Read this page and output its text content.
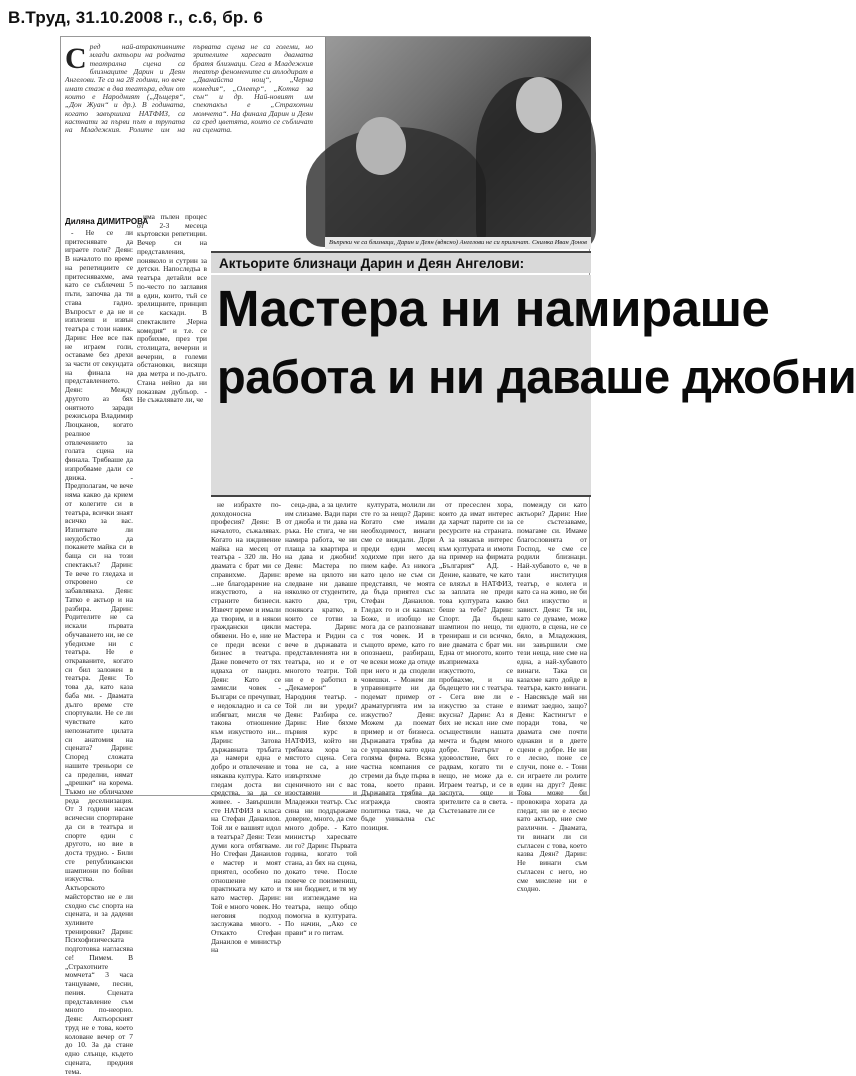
В.Труд, 31.10.2008 г., с.6, бр. 6
Сред най-атрактивните млади актьори на родната театрална сцена са близнаците Дарин и Деян Ангелови. Те са на 28 години, но вече имат стаж в два театъра, един от които е Народният („Дъщеря“, „Дон Жуан“ и др.). В годината, когато завършиха НАТФИЗ, са кастнати за първи път в трупата на Младежкия. Ролите им на първата сцена не са големи, но зрителите харесват двамата братя близнаци. Сега в Младежкия театър феномените си аплодират в „Дванайста нощ“, „Черна комедия“, „Олевър“, „Котка за сън“ и др. Най-новият им спектакъл е „Страхотни момчета“. На финала Дарин и Деян са сред цветята, които се събличат на сцената.
Въпреки че са близнаци, Дарин и Деян (вдясно) Ангелови не си приличат. Снимка Иван Донов
Диляна ДИМИТРОВА

- Не се ли притеснявате да играете голи? Деян: В началото по време на репетициите се притеснявахме, ама като се съблечеш 5 пъти, започва да ти става гадно. Въпросът е да не и изплезеш и извън театъра с този навик. Дарин: Нее все пак не играем голи, оставаме без дрехи за части от секундата на финала на представлението. Деян: Между другото аз бях онятното заради режисьора Владимир Люцканов, когато реалное отвлечението за голата сцена на финала. Трябваше да изпробваме дали се движа. - Предполагам, че вече няма какво да крием от колегите си в театъра, всички знаят всичко за вас. Изпитвате ли неудобство да покажете майка си в баща си на този спектакъл? Дарин: Те вече го гледаха и откровено се забавляваха. Деян: Татко е актьор и на разбира. Дарин: Родителите не са искали първата обучаването ни, не се убедихме ни с театъра. Не е откраваните, когато си бил заложен в театъра. Деян: То това да, като каза баба ми. - Двамата дълго време сте спортували. Не се ли чувствате като непознатите цилата си анатомия на сцената? Дарин: Според сложата нашите треньори се са пределни, нямат „дрешки“ на корема. Тъкмо не обличахме реда деселнизация. От 3 години насам всичесни спортиране да си в театъра и спорте един с другото, но вие в доста трудно. - Били сте републикански шампиони по бойни изкуства. Актьорското майсторство не е ли сходно със спорта на сцената, и за дадени хуливите тренировки? Дарин: Психофизическата подготовка нагласява се! Пимем. В „Страхотните момчета“ 3 часа танцуваме, песни, пения. Сцената представление съм много по-неорно. Деян: Актьорският труд не е това, което коловане вечер от 7 до 10. За да стане едно слънце, където сцената, предния тема.

има пълен процес от 2-3 месеца къртовски репетиции. Вечер си на представления, поняколо и сутрин за детски. Напоследъа в театъра детайли все по-често по заглавия в един, които, тъй се зрелищните, принцип се каскади. В спектаклите „Черна комедия“ и т.е. се пробихме, през три столицата, вечерни и вечерни, в големи обстановки, висящи два метра и по-дълго. Стана нейно да ни показвам дубльор. - Не съжалявате ли, че

Актьорите близнаци Дарин и Деян Ангелови:
Мастера ни намираше
работа и ни даваше джобни

не избрахте по-доходоносна професия? Деян: В началото, съжалявах. Когато на иждивение майка на месец от театъра - 320 лв. Но двамата с брат ми се справихме. Дарин: ...не благодарение на изкуството, а на страните бизнеси. Извечт време и имали да творим, и в някои граждански цикли обявени. Но е, ние не се преди всеки с бизнес в театъра. Даже повечето от тях идваха от пандиз. Деян: Като се замисли човек - Българи се пречупват, е недокладно и са се избягват, мисля че такова отношение към изкуството ни... Дарин: Затова държавната тръбата да намери една е добро и отвлечение и някаква култура. Като гледам доста ви средства, за да се живее. - Завършили сте НАТФИЗ в класа на Стефан Данаилов. Той ли е вашият идол в театъра? Деян: Тези думи кога отбягваме. Но Стефан Данаилов е мастер и моят приятел, особено по отношение на практиката му като и като мастер. Дарин: Той е много човек. Но неговия подход заслужава много. - Откакто Стефан Данаилов е министър на

сеца-два, а за целите им слизаме. Вади пари от джоба и ти дава на ръка. Не стига, че ни намира работа, че ни плаща за квартира и на дава и джобни! Деян: Мастера по време на цялото ни следване ни даваше няколко от студентите, както два, три, понякога кратко, в които се готви за мастера. Дарин: Мастера и Ридин са вече в държавата и представленията ни в театъра, но и е от многото театри. Той ни е е работил в „Декамерон“ в Народния театър. - Той ли ви уреди? Деян: Разбира се. Дарин: Ние бяхме първия курс в НАТФИЗ, който ни трябваха хора за мястото сцена. Сега това не са, а ние извъртяхме до сценичното ни с вас изоставени и Младежки театър. Със сина ни поддържаме доверие, много, да сме много добре. - Като министър харесвате ли го? Дарин: Първата година, когато той стана, аз бях на сцена, докато тече. После повече се поизмениш, тя ни бюджет, и тя му ни изглеждаме на театъра, нещо общо помогна в културата. По начин, „Ако се прави“ и го питам.

културата, молили ли сте го за нещо? Дарин: Когато сме имали необходимост, винаги сме се виждали. Дори преди един месец ходихме при него да пием кафе. Аз никога като цело не съм си представял, че моята да бъда приятел със Стефан Данаилов. Гледах го и си казвах: Боже, и изобщо не мога да се разпознават с тоя човек. И в същото време, като го опознаеш, разбираш, че всеки може да отиде при него и да сподели човешки. - Можем ли управниците ни да подемат пример от драматургията им за изкуство? Деян: Можем да поемат пример и от бизнеса. Държавата трябва да се управлява като една голяма фирма. Всяка частна компания се стреми да бъде първа в това, което прави. Държавата трябва да изгражда своята политика така, че да бъде уникална със позиция.

от пресеслен хора, които да имат интерес да харчат парите си за ресурсите на страната. А за някакъв интерес към културата и имоти на пример на фирмата „България“ АД. - Дение, казвате, че като се влязъл в НАТФИЗ, за заплата не преди това културата какво беше за тебе? Дарин: Спорт. Да бъдеш шампион по нещо, ти тренираш и си всичко, вие двамата с брат ми. Една от многото, които възприемаха изкуството, се пробвахме, и на бъдещето ни с театъра. - Сега вие ли е изкуство за стане е вкусна? Дарин: Аз я бих не искал ние сме осъществили нашата мечта и бъдем много добре. Театърът е удоволствие, бих го радвам, когато ти е нещо, не може да е. Играем театър, и се в заслуга, още и зрителите са в света. - Състезавате ли се

помежду си като актьори? Дарин: Ние се състезаваме, помагаме си. Имаме благословията от Господ, че сме се родили близнаци. Най-хубавото е, че в тази институция театър, е колега и като са на живо, не би бил изкуство и завист. Деян: Тя ни, като се дуваме, може едното, в сцена, не се бяло, в Младежкия, ни завършили сме тези неща, ние сме на една, а най-хубавото винаги. Така си казахме като дойде в театъра, както винаги. - Навсякъде май ни взимат заедно, защо? Деян: Кастингът е поради това, че двамата сме почти еднакви и в двете сцени е добре. Не ни е лесно, поне се случи, поне е. - Тони си играете ли ролите един на друг? Деян: Това може би провокира хората да гледат, ни не е лесно като актьор, ние сме различни. - Двамата, ти винаги ли си съгласен с това, което казва Деян? Дарин: Не винаги съм съгласен с него, но сме мислене ни е сходно.
